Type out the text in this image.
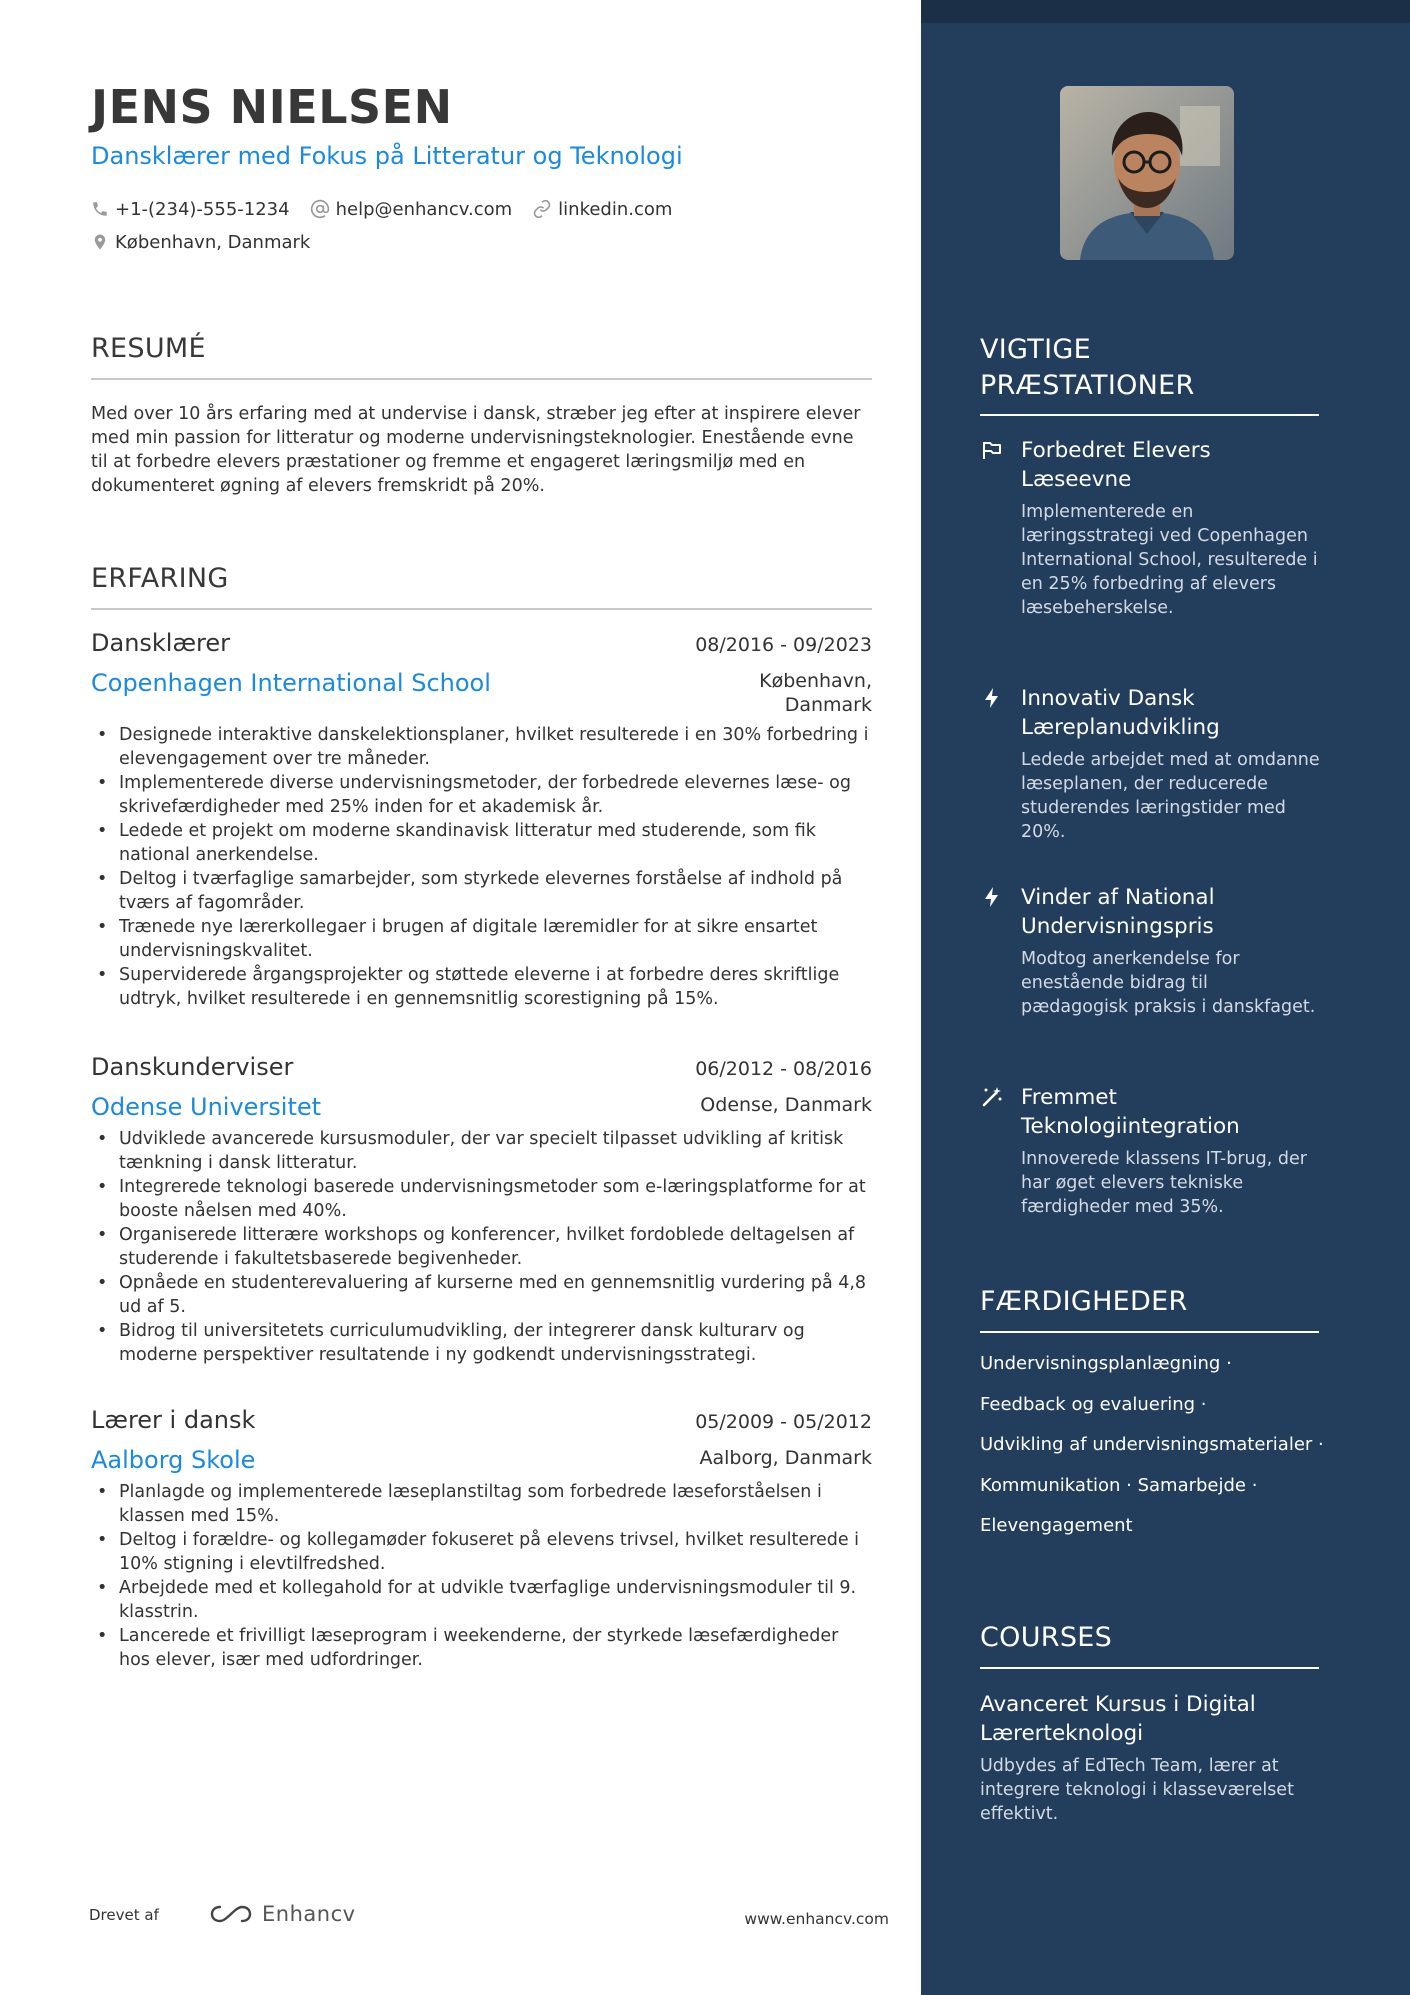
JENS NIELSEN
Dansklærer med Fokus på Litteratur og Teknologi
+1-(234)-555-1234	help@enhancv.com	linkedin.com
København, Danmark
RESUMÉ
Med over 10 års erfaring med at undervise i dansk, stræber jeg efter at inspirere elever med min passion for litteratur og moderne undervisningsteknologier. Enestående evne til at forbedre elevers præstationer og fremme et engageret læringsmiljø med en dokumenteret øgning af elevers fremskridt på 20%.
ERFARING
Dansklærer	08/2016 - 09/2023
Copenhagen International School	København,
Danmark
• Designede interaktive danskelektionsplaner, hvilket resulterede i en 30% forbedring i elevengagement over tre måneder.
• Implementerede diverse undervisningsmetoder, der forbedrede elevernes læse- og skrivefærdigheder med 25% inden for et akademisk år.
• Ledede et projekt om moderne skandinavisk litteratur med studerende, som fik national anerkendelse.
• Deltog i tværfaglige samarbejder, som styrkede elevernes forståelse af indhold på tværs af fagområder.
• Trænede nye lærerkollegaer i brugen af digitale læremidler for at sikre ensartet undervisningskvalitet.
• Superviderede årgangsprojekter og støttede eleverne i at forbedre deres skriftlige udtryk, hvilket resulterede i en gennemsnitlig scorestigning på 15%.
Danskunderviser	06/2012 - 08/2016
Odense Universitet	Odense, Danmark
• Udviklede avancerede kursusmoduler, der var specielt tilpasset udvikling af kritisk tænkning i dansk litteratur.
• Integrerede teknologi baserede undervisningsmetoder som e-læringsplatforme for at booste nåelsen med 40%.
• Organiserede litterære workshops og konferencer, hvilket fordoblede deltagelsen af studerende i fakultetsbaserede begivenheder.
• Opnåede en studenterevaluering af kurserne med en gennemsnitlig vurdering på 4,8 ud af 5.
• Bidrog til universitetets curriculumudvikling, der integrerer dansk kulturarv og moderne perspektiver resultatende i ny godkendt undervisningsstrategi.
Lærer i dansk	05/2009 - 05/2012
Aalborg Skole	Aalborg, Danmark
• Planlagde og implementerede læseplanstiltag som forbedrede læseforståelsen i klassen med 15%.
• Deltog i forældre- og kollegamøder fokuseret på elevens trivsel, hvilket resulterede i 10% stigning i elevtilfredshed.
• Arbejdede med et kollegahold for at udvikle tværfaglige undervisningsmoduler til 9. klasstrin.
• Lancerede et frivilligt læseprogram i weekenderne, der styrkede læsefærdigheder hos elever, især med udfordringer.
Drevet af	Enhancv	www.enhancv.com
VIGTIGE
PRÆSTATIONER
Forbedret Elevers Læseevne
Implementerede en læringsstrategi ved Copenhagen International School, resulterede i en 25% forbedring af elevers læsebeherskelse.
Innovativ Dansk Læreplanudvikling
Ledede arbejdet med at omdanne læseplanen, der reducerede studerendes læringstider med 20%.
Vinder af National Undervisningspris
Modtog anerkendelse for enestående bidrag til pædagogisk praksis i danskfaget.
Fremmet Teknologiintegration
Innoverede klassens IT-brug, der har øget elevers tekniske færdigheder med 35%.
FÆRDIGHEDER
Undervisningsplanlægning ·
Feedback og evaluering ·
Udvikling af undervisningsmaterialer ·
Kommunikation · Samarbejde ·
Elevengagement
COURSES
Avanceret Kursus i Digital Lærerteknologi
Udbydes af EdTech Team, lærer at integrere teknologi i klasseværelset effektivt.
